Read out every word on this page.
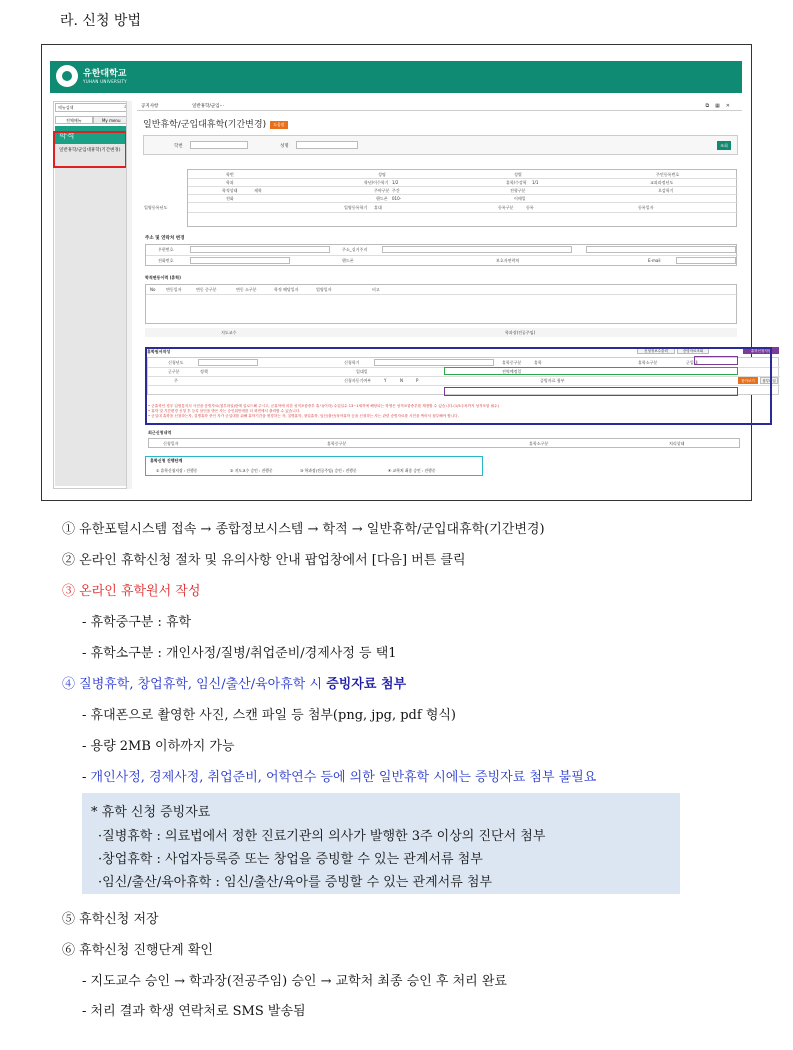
라. 신청 방법
유한대학교
YUHAN UNIVERSITY
메뉴검색
전체메뉴	My menu
학적
일반휴학/군입대휴학(기간변경)
공지사항	일반휴학/군입···	⧉▦✕
일반휴학/군입대휴학(기간변경) 도움말
학번	성명	조회
학번	성명	성별	주민등록번호
학과	학년/이수학기 1/2	휴학/수강학 1/1	교과과정년도
학적상태	재학	주야구분 주간	전형구분	오감학기
전화	핸드폰 010-	이메일
입영등록년도	입영등록학기 휴대	등록구분	등록	등록일자
주소 및 연락처 변경
우편번호	주소_실거주지
전화번호	핸드폰	보호자연락처	E-mail
학적변동이력 (휴학)
No	변동일자	변동 중구분	변동 소구분	학적 해당일자	업영일자	비고
지도교수	학과장(전공주임)
휴학원서작성	신청정보수출력	증빙자료조회	휴학신청저장
신청년도	신청학기	휴학중구분	휴학	휴학소구분	군입대
군구분	정책	입대일	전역예정일
주	신청자동기여부	Y	N	P	증빙자료 첨부	찾아보기	첨부파일
• 군휴학인 경우 입영통지서 사진을 증빙자료(첨부파일)란에 업로드해 주시고, 군휴학에 의한 성적포함중부 휴시(이하) 수업일수 13~1세까에 해당되는 학생은 성적포함중부를 제정할 수 있습니다.(1/5주차까지 성적포함 필수)
• 휴학 및 기간변경 신청 후 등록 삼인을 받은 자는 승인취민에를 더 화면에서 출력할 수 있습니다.
• 군입대 휴학을 신청하는자, 질병휴학 중인 자가 군입대를 위해 휴학기간을 변경하는 자, 질병휴학, 창업휴학, 임신/출산/육아휴학 등을 신청하는 자는 관련 증빙자료를 사진을 찍어서 첨부해야 합니다.
최근신청내역
신청일자	휴학중구분	휴학소구분	처리상태
휴학신청 진행단계
① 휴학신청저장 : 진행중	② 지도교수 승인 : 진행중	③ 학과장(전공주임) 승인 : 진행중	④ 교학처 최종 승인 : 진행중
① 유한포털시스템 접속 → 종합정보시스템 → 학적 → 일반휴학/군입대휴학(기간변경)
② 온라인 휴학신청 절차 및 유의사항 안내 팝업창에서 [다음] 버튼 클릭
③ 온라인 휴학원서 작성
- 휴학중구분 : 휴학
- 휴학소구분 : 개인사정/질병/취업준비/경제사정 등 택1
④ 질병휴학, 창업휴학, 임신/출산/육아휴학 시 증빙자료 첨부
- 휴대폰으로 촬영한 사진, 스캔 파일 등 첨부(png, jpg, pdf 형식)
- 용량 2MB 이하까지 가능
- 개인사정, 경제사정, 취업준비, 어학연수 등에 의한 일반휴학 시에는 증빙자료 첨부 불필요
* 휴학 신청 증빙자료
·질병휴학 : 의료법에서 정한 진료기관의 의사가 발행한 3주 이상의 진단서 첨부
·창업휴학 : 사업자등록증 또는 창업을 증빙할 수 있는 관계서류 첨부
·임신/출산/육아휴학 : 임신/출산/육아를 증빙할 수 있는 관계서류 첨부
⑤ 휴학신청 저장
⑥ 휴학신청 진행단계 확인
- 지도교수 승인 → 학과장(전공주임) 승인 → 교학처 최종 승인 후 처리 완료
- 처리 결과 학생 연락처로 SMS 발송됨
